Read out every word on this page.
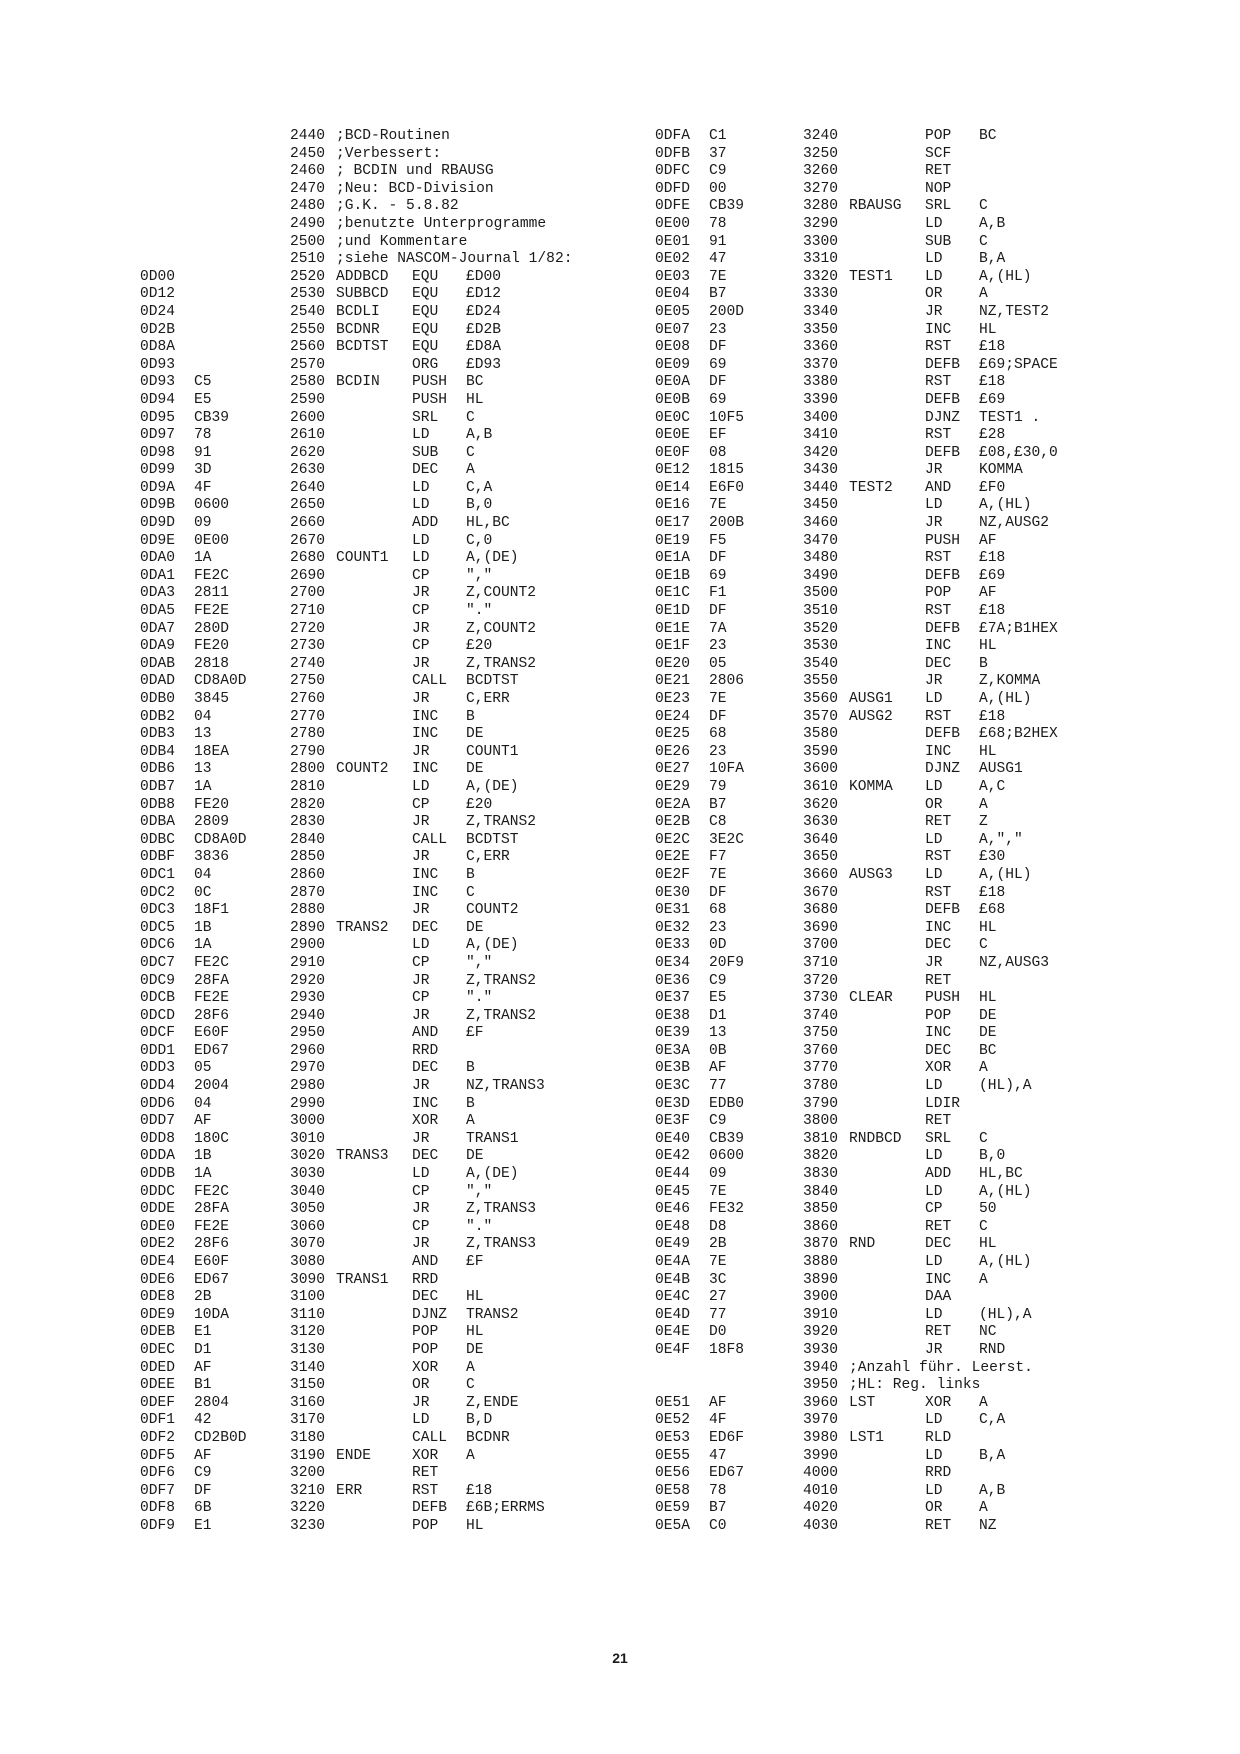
2440 ;BCD-Routinen
2450 ;Verbessert:
2460 ; BCDIN und RBAUSG
2470 ;Neu: BCD-Division
2480 ;G.K. - 5.8.82
2490 ;benutzte Unterprogramme
2500 ;und Kommentare
2510 ;siehe NASCOM-Journal 1/82:
0D00	2520 ADDBCD EQU £D00
0D12	2530 SUBBCD EQU £D12
0D24	2540 BCDLI EQU £D24
0D2B	2550 BCDNR EQU £D2B
0D8A	2560 BCDTST EQU £D8A
0D93	2570	ORG £D93
0D93 C5	2580 BCDIN PUSH BC
0D94 E5	2590	PUSH HL
0D95 CB39	2600	SRL C
0D97 78	2610	LD A,B
0D98 91	2620	SUB C
0D99 3D	2630	DEC A
0D9A 4F	2640	LD C,A
0D9B 0600	2650	LD B,0
0D9D 09	2660	ADD HL,BC
0D9E 0E00	2670	LD C,0
0DA0 1A	2680 COUNT1 LD A,(DE)
0DA1 FE2C	2690	CP ","
0DA3 2811	2700	JR Z,COUNT2
0DA5 FE2E	2710	CP "."
0DA7 280D	2720	JR Z,COUNT2
0DA9 FE20	2730	CP £20
0DAB 2818	2740	JR Z,TRANS2
0DAD CD8A0D	2750	CALL BCDTST
0DB0 3845	2760	JR C,ERR
0DB2 04	2770	INC B
0DB3 13	2780	INC DE
0DB4 18EA	2790	JR COUNT1
0DB6 13	2800 COUNT2 INC DE
0DB7 1A	2810	LD A,(DE)
0DB8 FE20	2820	CP £20
0DBA 2809	2830	JR Z,TRANS2
0DBC CD8A0D	2840	CALL BCDTST
0DBF 3836	2850	JR C,ERR
0DC1 04	2860	INC B
0DC2 0C	2870	INC C
0DC3 18F1	2880	JR COUNT2
0DC5 1B	2890 TRANS2 DEC DE
0DC6 1A	2900	LD A,(DE)
0DC7 FE2C	2910	CP ","
0DC9 28FA	2920	JR Z,TRANS2
0DCB FE2E	2930	CP "."
0DCD 28F6	2940	JR Z,TRANS2
0DCF E60F	2950	AND £F
0DD1 ED67	2960	RRD
0DD3 05	2970	DEC B
0DD4 2004	2980	JR NZ,TRANS3
0DD6 04	2990	INC B
0DD7 AF	3000	XOR A
0DD8 180C	3010	JR TRANS1
0DDA 1B	3020 TRANS3 DEC DE
0DDB 1A	3030	LD A,(DE)
0DDC FE2C	3040	CP ","
0DDE 28FA	3050	JR Z,TRANS3
0DE0 FE2E	3060	CP "."
0DE2 28F6	3070	JR Z,TRANS3
0DE4 E60F	3080	AND £F
0DE6 ED67	3090 TRANS1 RRD
0DE8 2B	3100	DEC HL
0DE9 10DA	3110	DJNZ TRANS2
0DEB E1	3120	POP HL
0DEC D1	3130	POP DE
0DED AF	3140	XOR A
0DEE B1	3150	OR C
0DEF 2804	3160	JR Z,ENDE
0DF1 42	3170	LD B,D
0DF2 CD2B0D	3180	CALL BCDNR
0DF5 AF	3190 ENDE	XOR A
0DF6 C9	3200	RET
0DF7 DF	3210 ERR	RST £18
0DF8 6B	3220	DEFB £6B;ERRMS
0DF9 E1	3230	POP HL
0DFA C1	3240	POP BC
0DFB 37	3250	SCF
0DFC C9	3260	RET
0DFD 00	3270	NOP
0DFE CB39	3280 RBAUSG SRL C
0E00 78	3290	LD A,B
0E01 91	3300	SUB C
0E02 47	3310	LD B,A
0E03 7E	3320 TEST1 LD A,(HL)
0E04 B7	3330	OR A
0E05 200D	3340	JR NZ,TEST2
0E07 23	3350	INC HL
0E08 DF	3360	RST £18
0E09 69	3370	DEFB £69;SPACE
0E0A DF	3380	RST £18
0E0B 69	3390	DEFB £69
0E0C 10F5	3400	DJNZ TEST1 .
0E0E EF	3410	RST £28
0E0F 08	3420	DEFB £08,£30,0
0E12 1815	3430	JR KOMMA
0E14 E6F0	3440 TEST2 AND £F0
0E16 7E	3450	LD A,(HL)
0E17 200B	3460	JR NZ,AUSG2
0E19 F5	3470	PUSH AF
0E1A DF	3480	RST £18
0E1B 69	3490	DEFB £69
0E1C F1	3500	POP AF
0E1D DF	3510	RST £18
0E1E 7A	3520	DEFB £7A;B1HEX
0E1F 23	3530	INC HL
0E20 05	3540	DEC B
0E21 2806	3550	JR Z,KOMMA
0E23 7E	3560 AUSG1 LD A,(HL)
0E24 DF	3570 AUSG2 RST £18
0E25 68	3580	DEFB £68;B2HEX
0E26 23	3590	INC HL
0E27 10FA	3600	DJNZ AUSG1
0E29 79	3610 KOMMA LD A,C
0E2A B7	3620	OR A
0E2B C8	3630	RET Z
0E2C 3E2C	3640	LD A,","
0E2E F7	3650	RST £30
0E2F 7E	3660 AUSG3 LD A,(HL)
0E30 DF	3670	RST £18
0E31 68	3680	DEFB £68
0E32 23	3690	INC HL
0E33 0D	3700	DEC C
0E34 20F9	3710	JR NZ,AUSG3
0E36 C9	3720	RET
0E37 E5	3730 CLEAR PUSH HL
0E38 D1	3740	POP DE
0E39 13	3750	INC DE
0E3A 0B	3760	DEC BC
0E3B AF	3770	XOR A
0E3C 77	3780	LD (HL),A
0E3D EDB0	3790	LDIR
0E3F C9	3800	RET
0E40 CB39	3810 RNDBCD SRL C
0E42 0600	3820	LD B,0
0E44 09	3830	ADD HL,BC
0E45 7E	3840	LD A,(HL)
0E46 FE32	3850	CP 50
0E48 D8	3860	RET C
0E49 2B	3870 RND	DEC HL
0E4A 7E	3880	LD A,(HL)
0E4B 3C	3890	INC A
0E4C 27	3900	DAA
0E4D 77	3910	LD (HL),A
0E4E D0	3920	RET NC
0E4F 18F8	3930	JR RND
3940 ;Anzahl führ. Leerst.
3950 ;HL: Reg. links
0E51 AF	3960 LST	XOR A
0E52 4F	3970	LD C,A
0E53 ED6F	3980 LST1	RLD
0E55 47	3990	LD B,A
0E56 ED67	4000	RRD
0E58 78	4010	LD A,B
0E59 B7	4020	OR A
0E5A C0	4030	RET NZ
21
